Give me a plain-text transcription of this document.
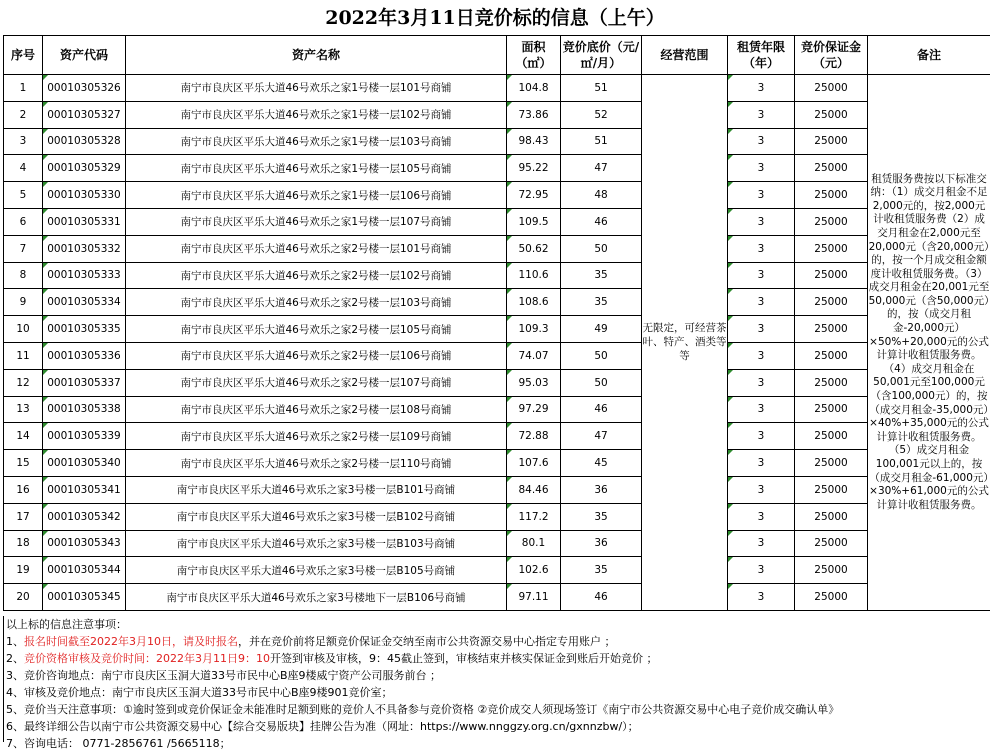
2022年3月11日竞价标的信息（上午）
序号	资产代码	资产名称	面积（㎡）	竞价底价（元/㎡/月）	经营范围	租赁年限（年）	竞价保证金（元）	备注
1	00010305326	南宁市良庆区平乐大道46号欢乐之家1号楼一层101号商铺	104.8	51	无限定，可经营茶叶、特产、酒类等等	3	25000	租赁服务费按以下标准交纳：（1）成交月租金不足2,000元的，按2,000元计收租赁服务费（2）成交月租金在2,000元至20,000元（含20,000元）的，按一个月成交租金额度计收租赁服务费。（3）成交月租金在20,001元至50,000元（含50,000元）的，按（成交月租金-20,000元）×50%+20,000元的公式计算计收租赁服务费。（4）成交月租金在50,001元至100,000元（含100,000元）的，按（成交月租金-35,000元）×40%+35,000元的公式计算计收租赁服务费。（5）成交月租金100,001元以上的，按（成交月租金-61,000元）×30%+61,000元的公式计算计收租赁服务费。
2	00010305327	南宁市良庆区平乐大道46号欢乐之家1号楼一层102号商铺	73.86	52		3	25000	
3	00010305328	南宁市良庆区平乐大道46号欢乐之家1号楼一层103号商铺	98.43	51		3	25000	
4	00010305329	南宁市良庆区平乐大道46号欢乐之家1号楼一层105号商铺	95.22	47		3	25000	
5	00010305330	南宁市良庆区平乐大道46号欢乐之家1号楼一层106号商铺	72.95	48		3	25000	
6	00010305331	南宁市良庆区平乐大道46号欢乐之家1号楼一层107号商铺	109.5	46		3	25000	
7	00010305332	南宁市良庆区平乐大道46号欢乐之家2号楼一层101号商铺	50.62	50		3	25000	
8	00010305333	南宁市良庆区平乐大道46号欢乐之家2号楼一层102号商铺	110.6	35		3	25000	
9	00010305334	南宁市良庆区平乐大道46号欢乐之家2号楼一层103号商铺	108.6	35		3	25000	
10	00010305335	南宁市良庆区平乐大道46号欢乐之家2号楼一层105号商铺	109.3	49		3	25000	
11	00010305336	南宁市良庆区平乐大道46号欢乐之家2号楼一层106号商铺	74.07	50		3	25000	
12	00010305337	南宁市良庆区平乐大道46号欢乐之家2号楼一层107号商铺	95.03	50		3	25000	
13	00010305338	南宁市良庆区平乐大道46号欢乐之家2号楼一层108号商铺	97.29	46		3	25000	
14	00010305339	南宁市良庆区平乐大道46号欢乐之家2号楼一层109号商铺	72.88	47		3	25000	
15	00010305340	南宁市良庆区平乐大道46号欢乐之家2号楼一层110号商铺	107.6	45		3	25000	
16	00010305341	南宁市良庆区平乐大道46号欢乐之家3号楼一层B101号商铺	84.46	36		3	25000	
17	00010305342	南宁市良庆区平乐大道46号欢乐之家3号楼一层B102号商铺	117.2	35		3	25000	
18	00010305343	南宁市良庆区平乐大道46号欢乐之家3号楼一层B103号商铺	80.1	36		3	25000	
19	00010305344	南宁市良庆区平乐大道46号欢乐之家3号楼一层B105号商铺	102.6	35		3	25000	
20	00010305345	南宁市良庆区平乐大道46号欢乐之家3号楼地下一层B106号商铺	97.11	46		3	25000	
以上标的信息注意事项：
1、报名时间截至2022年3月10日，请及时报名，并在竞价前将足额竞价保证金交纳至南市公共资源交易中心指定专用账户 ；
2、竞价资格审核及竞价时间：2022年3月11日9：10开签到审核及审核，9：45截止签到，审核结束并核实保证金到账后开始竞价 ；
3、竞价咨询地点：南宁市良庆区玉洞大道33号市民中心B座9楼威宁资产公司服务前台 ；
4、审核及竞价地点：南宁市良庆区玉洞大道33号市民中心B座9楼901竞价室；
5、竞价当天注意事项：①逾时签到或竞价保证金未能准时足额到账的竞价人不具备参与竞价资格 ②竞价成交人须现场签订《南宁市公共资源交易中心电子竞价成交确认单》
6、最终详细公告以南宁市公共资源交易中心【综合交易版块】挂牌公告为准（网址：https://www.nnggzy.org.cn/gxnnzbw/）；
7、咨询电话： 0771-2856761 /5665118；
